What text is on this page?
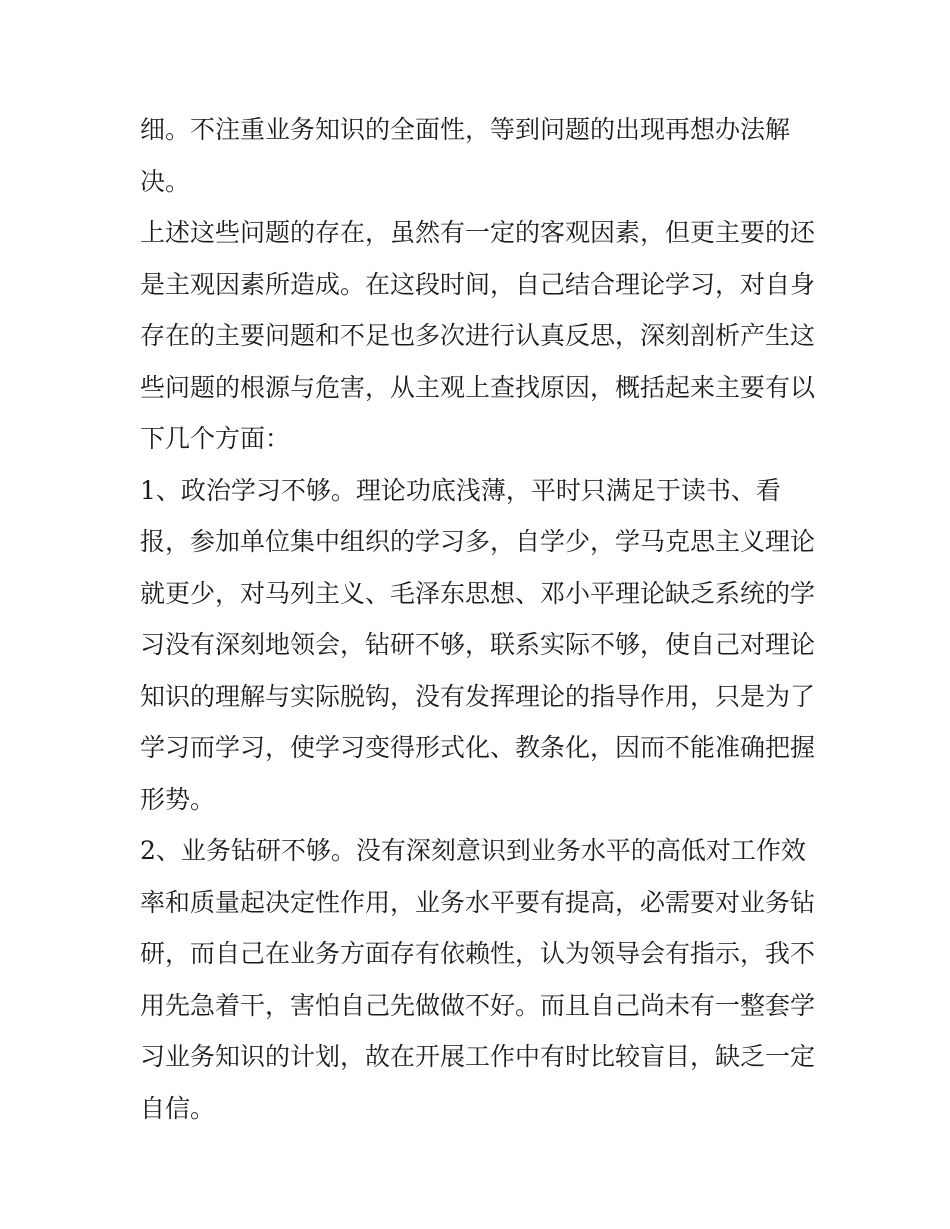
细。不注重业务知识的全面性，等到问题的出现再想办法解
决。

上述这些问题的存在，虽然有一定的客观因素，但更主要的还
是主观因素所造成。在这段时间，自己结合理论学习，对自身
存在的主要问题和不足也多次进行认真反思，深刻剖析产生这
些问题的根源与危害，从主观上查找原因，概括起来主要有以
下几个方面：

1、政治学习不够。理论功底浅薄，平时只满足于读书、看
报，参加单位集中组织的学习多，自学少，学马克思主义理论
就更少，对马列主义、毛泽东思想、邓小平理论缺乏系统的学
习没有深刻地领会，钻研不够，联系实际不够，使自己对理论
知识的理解与实际脱钩，没有发挥理论的指导作用，只是为了
学习而学习，使学习变得形式化、教条化，因而不能准确把握
形势。

2、业务钻研不够。没有深刻意识到业务水平的高低对工作效
率和质量起决定性作用，业务水平要有提高，必需要对业务钻
研，而自己在业务方面存有依赖性，认为领导会有指示，我不
用先急着干，害怕自己先做做不好。而且自己尚未有一整套学
习业务知识的计划，故在开展工作中有时比较盲目，缺乏一定
自信。
